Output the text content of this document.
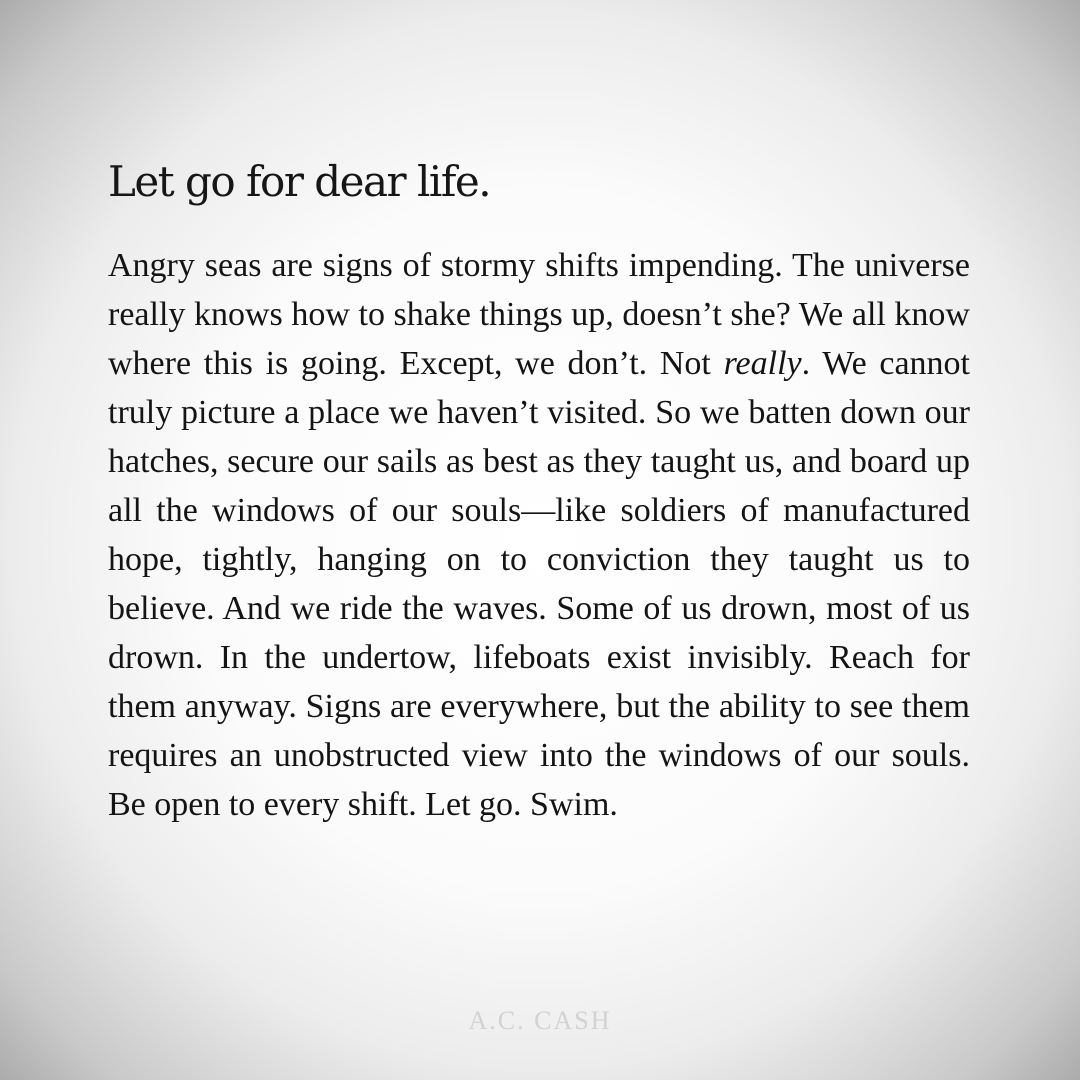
Let go for dear life.

Angry seas are signs of stormy shifts impending. The universe really knows how to shake things up, doesn’t she? We all know where this is going. Except, we don’t. Not really. We cannot truly picture a place we haven’t visited. So we batten down our hatches, secure our sails as best as they taught us, and board up all the windows of our souls—like soldiers of manufactured hope, tightly, hanging on to conviction they taught us to believe. And we ride the waves. Some of us drown, most of us drown. In the undertow, lifeboats exist invisibly. Reach for them anyway. Signs are everywhere, but the ability to see them requires an unobstructed view into the windows of our souls. Be open to every shift. Let go. Swim.

A.C. CASH
